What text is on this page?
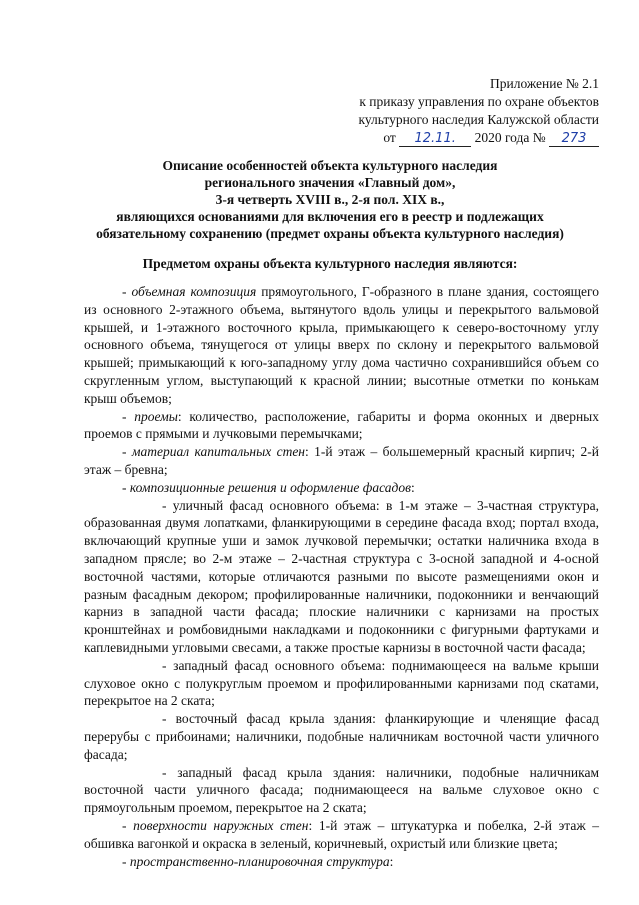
Приложение № 2.1
к приказу управления по охране объектов
культурного наследия Калужской области
от 12.11. 2020 года № 273
Описание особенностей объекта культурного наследия
регионального значения «Главный дом»,
3-я четверть XVIII в., 2-я пол. XIX в.,
являющихся основаниями для включения его в реестр и подлежащих
обязательному сохранению (предмет охраны объекта культурного наследия)
Предметом охраны объекта культурного наследия являются:

- объемная композиция прямоугольного, Г-образного в плане здания, состоящего из основного 2-этажного объема, вытянутого вдоль улицы и перекрытого вальмовой крышей, и 1-этажного восточного крыла, примыкающего к северо-восточному углу основного объема, тянущегося от улицы вверх по склону и перекрытого вальмовой крышей; примыкающий к юго-западному углу дома частично сохранившийся объем со скругленным углом, выступающий к красной линии; высотные отметки по конькам крыш объемов;

- проемы: количество, расположение, габариты и форма оконных и дверных проемов с прямыми и лучковыми перемычками;

- материал капитальных стен: 1-й этаж – большемерный красный кирпич; 2-й этаж – бревна;

- композиционные решения и оформление фасадов:

- уличный фасад основного объема: в 1-м этаже – 3-частная структура, образованная двумя лопатками, фланкирующими в середине фасада вход; портал входа, включающий крупные уши и замок лучковой перемычки; остатки наличника входа в западном прясле; во 2-м этаже – 2-частная структура с 3-осной западной и 4-осной восточной частями, которые отличаются разными по высоте размещениями окон и разным фасадным декором; профилированные наличники, подоконники и венчающий карниз в западной части фасада; плоские наличники с карнизами на простых кронштейнах и ромбовидными накладками и подоконники с фигурными фартуками и каплевидными угловыми свесами, а также простые карнизы в восточной части фасада;

- западный фасад основного объема: поднимающееся на вальме крыши слуховое окно с полукруглым проемом и профилированными карнизами под скатами, перекрытое на 2 ската;

- восточный фасад крыла здания: фланкирующие и членящие фасад перерубы с прибоинами; наличники, подобные наличникам восточной части уличного фасада;

- западный фасад крыла здания: наличники, подобные наличникам восточной части уличного фасада; поднимающееся на вальме слуховое окно с прямоугольным проемом, перекрытое на 2 ската;

- поверхности наружных стен: 1-й этаж – штукатурка и побелка, 2-й этаж – обшивка вагонкой и окраска в зеленый, коричневый, охристый или близкие цвета;

- пространственно-планировочная структура:
